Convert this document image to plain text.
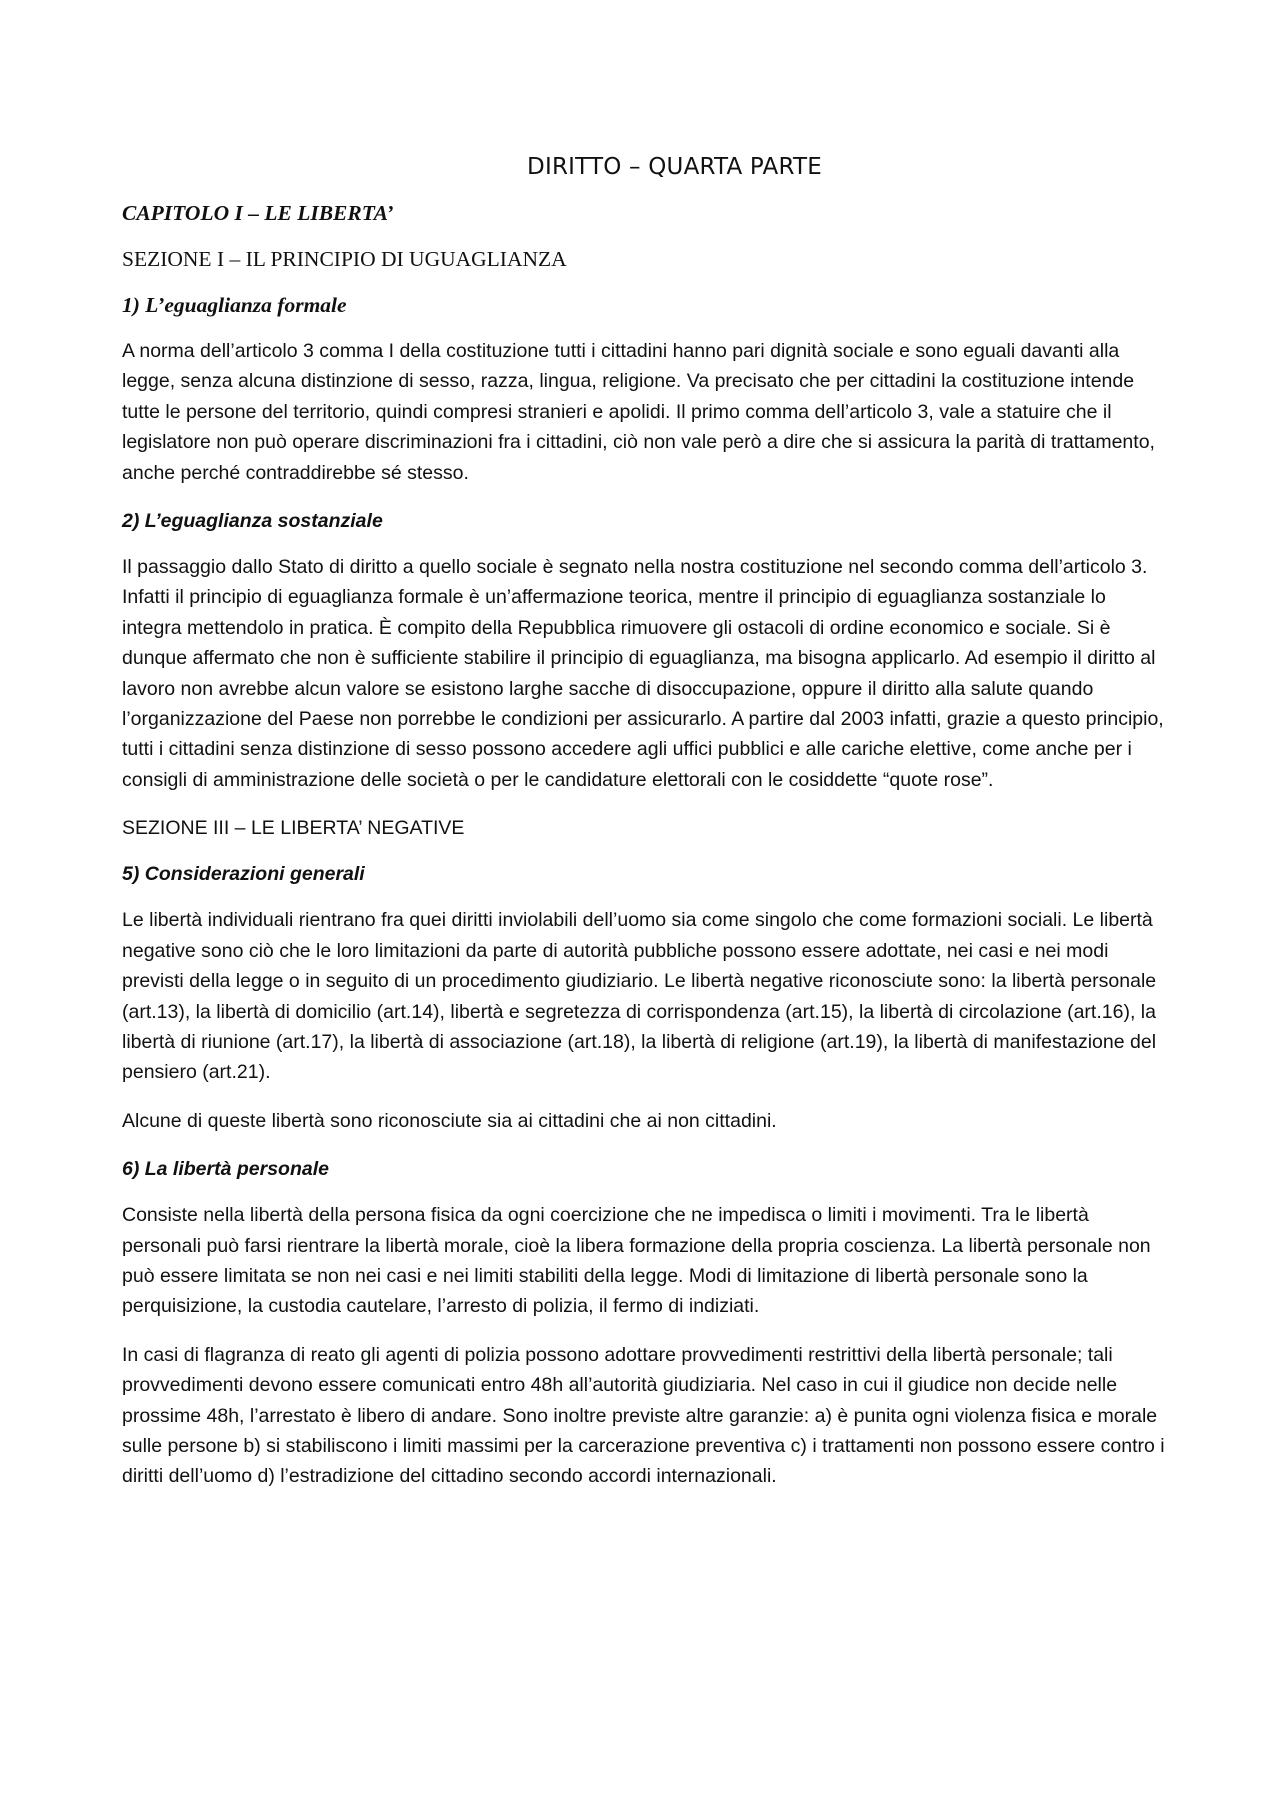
DIRITTO – QUARTA PARTE
CAPITOLO I – LE LIBERTA’
SEZIONE I – IL PRINCIPIO DI UGUAGLIANZA
1) L’eguaglianza formale

A norma dell’articolo 3 comma I della costituzione tutti i cittadini hanno pari dignità sociale e sono eguali davanti alla legge, senza alcuna distinzione di sesso, razza, lingua, religione. Va precisato che per cittadini la costituzione intende tutte le persone del territorio, quindi compresi stranieri e apolidi. Il primo comma dell’articolo 3, vale a statuire che il legislatore non può operare discriminazioni fra i cittadini, ciò non vale però a dire che si assicura la parità di trattamento, anche perché contraddirebbe sé stesso.

2) L’eguaglianza sostanziale

Il passaggio dallo Stato di diritto a quello sociale è segnato nella nostra costituzione nel secondo comma dell’articolo 3. Infatti il principio di eguaglianza formale è un’affermazione teorica, mentre il principio di eguaglianza sostanziale lo integra mettendolo in pratica. È compito della Repubblica rimuovere gli ostacoli di ordine economico e sociale. Si è dunque affermato che non è sufficiente stabilire il principio di eguaglianza, ma bisogna applicarlo. Ad esempio il diritto al lavoro non avrebbe alcun valore se esistono larghe sacche di disoccupazione, oppure il diritto alla salute quando l’organizzazione del Paese non porrebbe le condizioni per assicurarlo. A partire dal 2003 infatti, grazie a questo principio, tutti i cittadini senza distinzione di sesso possono accedere agli uffici pubblici e alle cariche elettive, come anche per i consigli di amministrazione delle società o per le candidature elettorali con le cosiddette “quote rose”.

SEZIONE III – LE LIBERTA’ NEGATIVE
5) Considerazioni generali

Le libertà individuali rientrano fra quei diritti inviolabili dell’uomo sia come singolo che come formazioni sociali. Le libertà negative sono ciò che le loro limitazioni da parte di autorità pubbliche possono essere adottate, nei casi e nei modi previsti della legge o in seguito di un procedimento giudiziario. Le libertà negative riconosciute sono: la libertà personale (art.13), la libertà di domicilio (art.14), libertà e segretezza di corrispondenza (art.15), la libertà di circolazione (art.16), la libertà di riunione (art.17), la libertà di associazione (art.18), la libertà di religione (art.19), la libertà di manifestazione del pensiero (art.21).

Alcune di queste libertà sono riconosciute sia ai cittadini che ai non cittadini.

6) La libertà personale

Consiste nella libertà della persona fisica da ogni coercizione che ne impedisca o limiti i movimenti. Tra le libertà personali può farsi rientrare la libertà morale, cioè la libera formazione della propria coscienza. La libertà personale non può essere limitata se non nei casi e nei limiti stabiliti della legge. Modi di limitazione di libertà personale sono la perquisizione, la custodia cautelare, l’arresto di polizia, il fermo di indiziati.

In casi di flagranza di reato gli agenti di polizia possono adottare provvedimenti restrittivi della libertà personale; tali provvedimenti devono essere comunicati entro 48h all’autorità giudiziaria. Nel caso in cui il giudice non decide nelle prossime 48h, l’arrestato è libero di andare. Sono inoltre previste altre garanzie: a) è punita ogni violenza fisica e morale sulle persone b) si stabiliscono i limiti massimi per la carcerazione preventiva c) i trattamenti non possono essere contro i diritti dell’uomo d) l’estradizione del cittadino secondo accordi internazionali.
